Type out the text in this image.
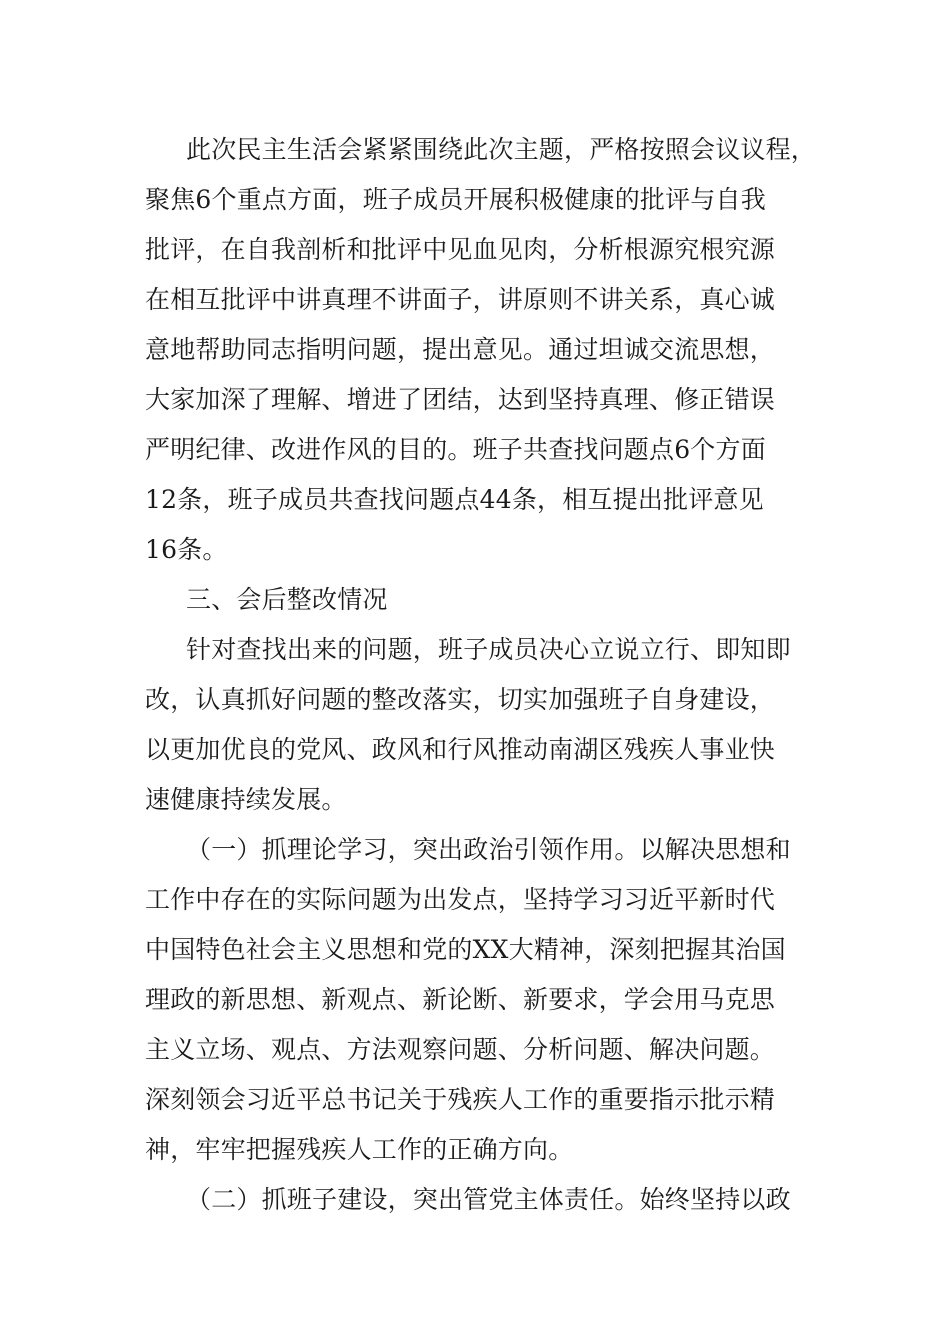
此次民主生活会紧紧围绕此次主题，严格按照会议议程，

聚焦6个重点方面，班子成员开展积极健康的批评与自我

批评，在自我剖析和批评中见血见肉，分析根源究根究源

在相互批评中讲真理不讲面子，讲原则不讲关系，真心诚

意地帮助同志指明问题，提出意见。通过坦诚交流思想，

大家加深了理解、增进了团结，达到坚持真理、修正错误

严明纪律、改进作风的目的。班子共查找问题点6个方面

12条，班子成员共查找问题点44条，相互提出批评意见

16条。

三、会后整改情况

针对查找出来的问题，班子成员决心立说立行、即知即

改，认真抓好问题的整改落实，切实加强班子自身建设，

以更加优良的党风、政风和行风推动南湖区残疾人事业快

速健康持续发展。

（一）抓理论学习，突出政治引领作用。以解决思想和

工作中存在的实际问题为出发点，坚持学习习近平新时代

中国特色社会主义思想和党的XX大精神，深刻把握其治国

理政的新思想、新观点、新论断、新要求，学会用马克思

主义立场、观点、方法观察问题、分析问题、解决问题。

深刻领会习近平总书记关于残疾人工作的重要指示批示精

神，牢牢把握残疾人工作的正确方向。

（二）抓班子建设，突出管党主体责任。始终坚持以政
